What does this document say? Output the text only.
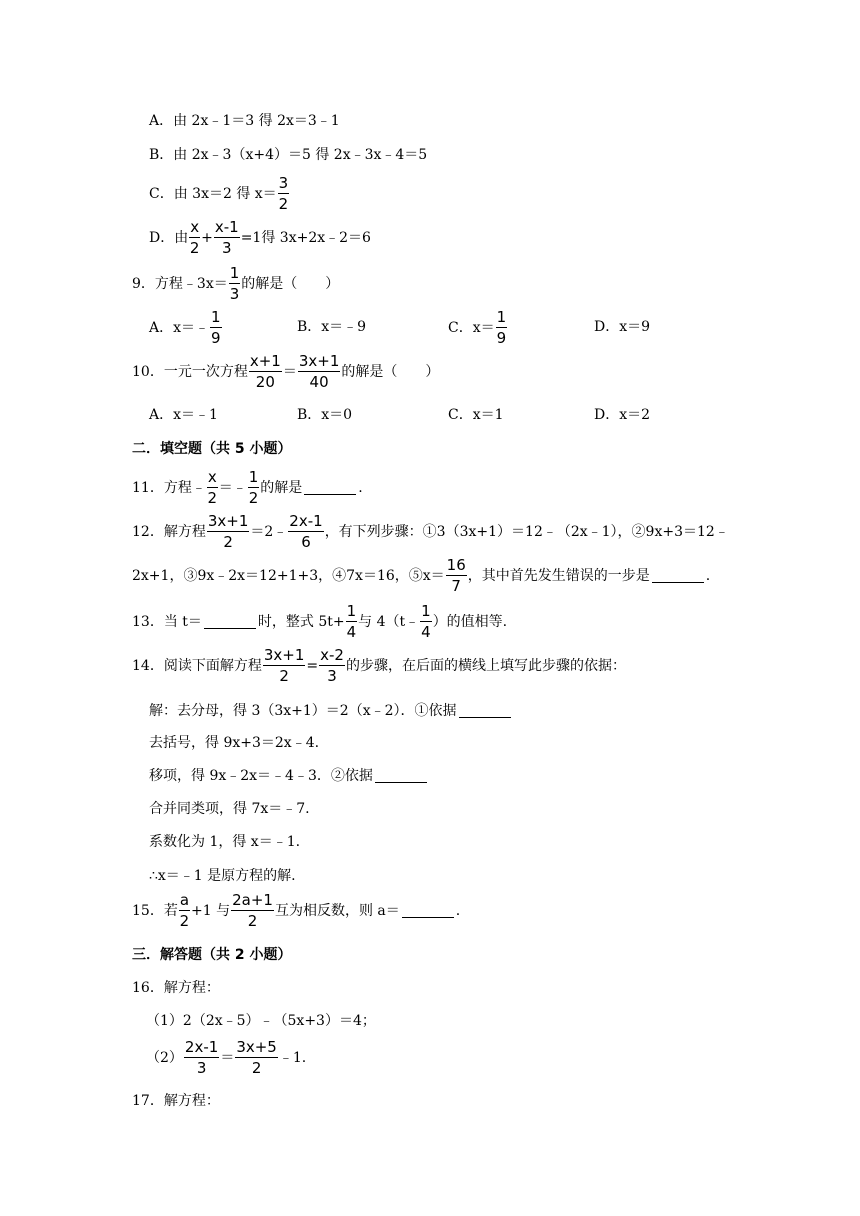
A．由 2x﹣1＝3 得 2x＝3﹣1
B．由 2x﹣3（x+4）＝5 得 2x﹣3x﹣4＝5
C．由 3x＝2 得 $x= \frac{3}{2}$
D．由 $\frac{x}{2} + \frac{x-1}{3} =1$得 3x+2x﹣2＝6
9．方程﹣3x＝ $\frac{1}{3}$ 的解是（　　）
A．x＝﹣ $\frac{1}{9}$	B．x＝﹣9	C．$x= \frac{1}{9}$	D．x＝9
10．一元一次方程 $\frac{x+1}{20} = \frac{3x+1}{40}$ 的解是（　　）
A．x＝﹣1	B．x＝0	C．x＝1	D．x＝2
二．填空题（共 5 小题）
11．方程﹣ $\frac{x}{2}$ ＝﹣ $\frac{1}{2}$ 的解是	.
12．解方程 $\frac{3x+1}{2}$ ＝2﹣ $\frac{2x-1}{6}$ ，有下列步骤：①3（3x+1）＝12﹣（2x﹣1），②9x+3＝12﹣
2x+1，③9x﹣2x＝12+1+3，④7x＝16，⑤x＝ $\frac{16}{7}$ ，其中首先发生错误的一步是	.
13．当 t＝	时，整式 $5t+ \frac{1}{4}$ 与 4（t﹣ $\frac{1}{4}$ ）的值相等.
14．阅读下面解方程 $\frac{3x+1}{2} = \frac{x-2}{3}$ 的步骤，在后面的横线上填写此步骤的依据：
解：去分母，得 3（3x+1）＝2（x﹣2）．①依据
去括号，得 9x+3＝2x﹣4.
移项，得 9x﹣2x＝﹣4﹣3．②依据
合并同类项，得 7x＝﹣7.
系数化为 1，得 x＝﹣1.
∴x＝﹣1 是原方程的解.
15．若 $\frac{a}{2} +1$ 与 $\frac{2a+1}{2}$ 互为相反数，则 a＝	.
三．解答题（共 2 小题）
16．解方程：
（1）2（2x﹣5）﹣（5x+3）＝4；
$(2) \frac{2x-1}{3} = \frac{3x+5}{2}$ ﹣1.
17．解方程：
